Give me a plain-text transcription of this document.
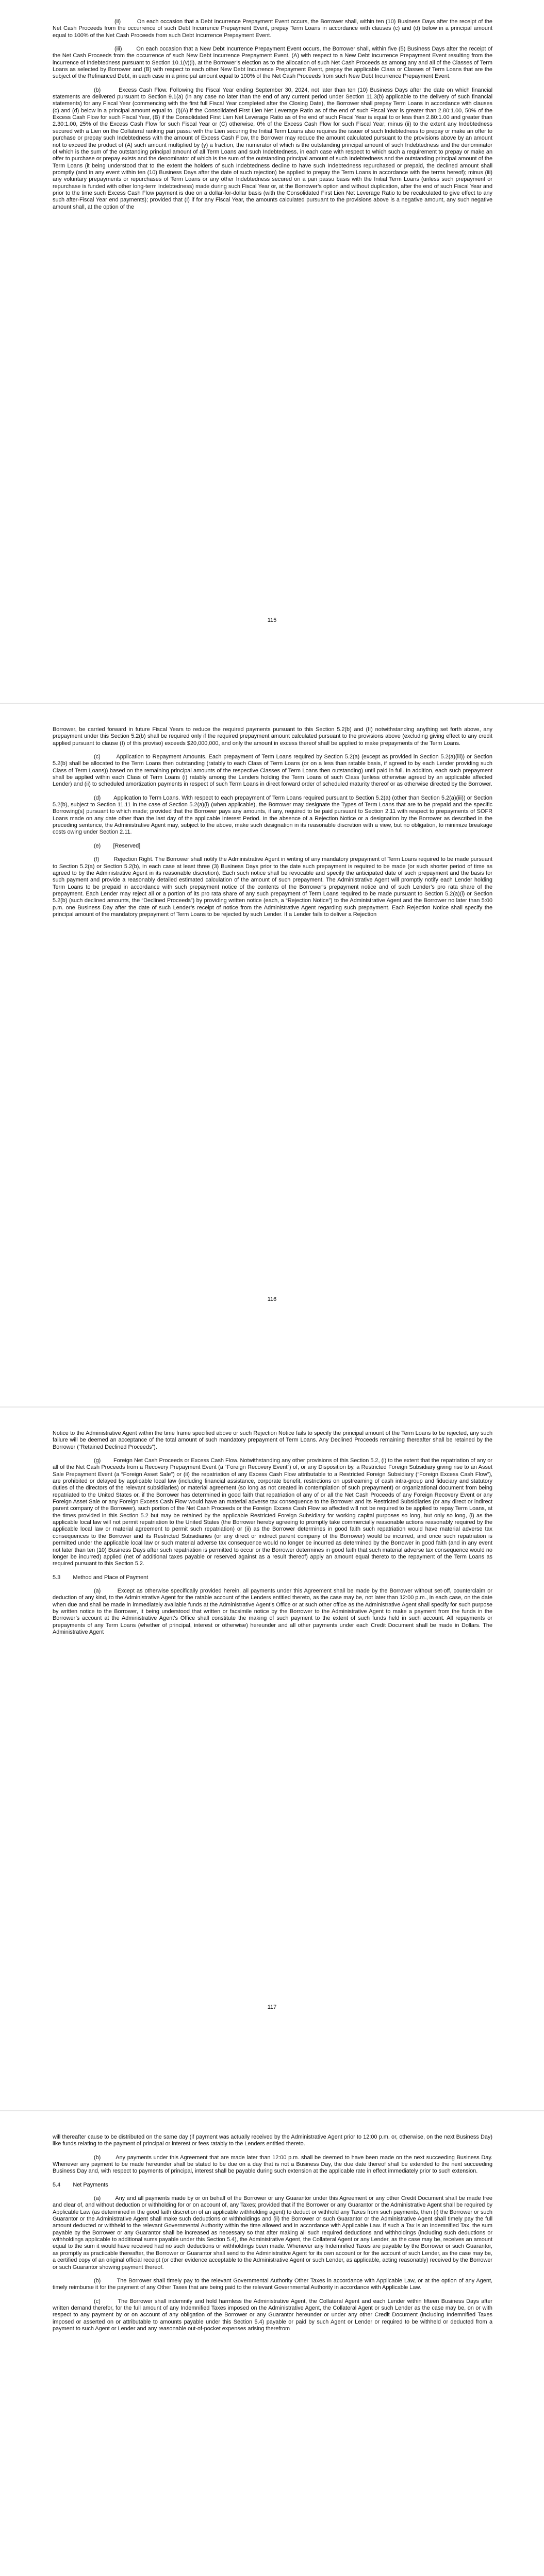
(ii)         On each occasion that a Debt Incurrence Prepayment Event occurs, the Borrower shall, within ten (10) Business Days after the receipt of the Net Cash Proceeds from the occurrence of such Debt Incurrence Prepayment Event, prepay Term Loans in accordance with clauses (c) and (d) below in a principal amount equal to 100% of the Net Cash Proceeds from such Debt Incurrence Prepayment Event.

(iii)        On each occasion that a New Debt Incurrence Prepayment Event occurs, the Borrower shall, within five (5) Business Days after the receipt of the Net Cash Proceeds from the occurrence of such New Debt Incurrence Prepayment Event, (A) with respect to a New Debt Incurrence Prepayment Event resulting from the incurrence of Indebtedness pursuant to Section 10.1(v)(i), at the Borrower’s election as to the allocation of such Net Cash Proceeds as among any and all of the Classes of Term Loans as selected by Borrower and (B) with respect to each other New Debt Incurrence Prepayment Event, prepay the applicable Class or Classes of Term Loans that are the subject of the Refinanced Debt, in each case in a principal amount equal to 100% of the Net Cash Proceeds from such New Debt Incurrence Prepayment Event.

(b)        Excess Cash Flow. Following the Fiscal Year ending September 30, 2024, not later than ten (10) Business Days after the date on which financial statements are delivered pursuant to Section 9.1(a) (in any case no later than the end of any current period under Section 11.3(b) applicable to the delivery of such financial statements) for any Fiscal Year (commencing with the first full Fiscal Year completed after the Closing Date), the Borrower shall prepay Term Loans in accordance with clauses (c) and (d) below in a principal amount equal to, (i)(A) if the Consolidated First Lien Net Leverage Ratio as of the end of such Fiscal Year is greater than 2.80:1.00, 50% of the Excess Cash Flow for such Fiscal Year, (B) if the Consolidated First Lien Net Leverage Ratio as of the end of such Fiscal Year is equal to or less than 2.80:1.00 and greater than 2.30:1.00, 25% of the Excess Cash Flow for such Fiscal Year or (C) otherwise, 0% of the Excess Cash Flow for such Fiscal Year; minus (ii) to the extent any Indebtedness secured with a Lien on the Collateral ranking pari passu with the Lien securing the Initial Term Loans also requires the issuer of such Indebtedness to prepay or make an offer to purchase or prepay such Indebtedness with the amount of Excess Cash Flow, the Borrower may reduce the amount calculated pursuant to the provisions above by an amount not to exceed the product of (A) such amount multiplied by (y) a fraction, the numerator of which is the outstanding principal amount of such Indebtedness and the denominator of which is the sum of the outstanding principal amount of all Term Loans and such Indebtedness, in each case with respect to which such a requirement to prepay or make an offer to purchase or prepay exists and the denominator of which is the sum of the outstanding principal amount of such Indebtedness and the outstanding principal amount of the Term Loans (it being understood that to the extent the holders of such Indebtedness decline to have such Indebtedness repurchased or prepaid, the declined amount shall promptly (and in any event within ten (10) Business Days after the date of such rejection) be applied to prepay the Term Loans in accordance with the terms hereof); minus (iii) any voluntary prepayments or repurchases of Term Loans or any other Indebtedness secured on a pari passu basis with the Initial Term Loans (unless such prepayment or repurchase is funded with other long-term Indebtedness) made during such Fiscal Year or, at the Borrower’s option and without duplication, after the end of such Fiscal Year and prior to the time such Excess Cash Flow payment is due on a dollar-for-dollar basis (with the Consolidated First Lien Net Leverage Ratio to be recalculated to give effect to any such after-Fiscal Year end payments); provided that (I) if for any Fiscal Year, the amounts calculated pursuant to the provisions above is a negative amount, any such negative amount shall, at the option of the

115

Borrower, be carried forward in future Fiscal Years to reduce the required payments pursuant to this Section 5.2(b) and (II) notwithstanding anything set forth above, any prepayment under this Section 5.2(b) shall be required only if the required prepayment amount calculated pursuant to the provisions above (excluding giving effect to any credit applied pursuant to clause (I) of this proviso) exceeds $20,000,000, and only the amount in excess thereof shall be applied to make prepayments of the Term Loans.

(c)        Application to Repayment Amounts. Each prepayment of Term Loans required by Section 5.2(a) (except as provided in Section 5.2(a)(iii)) or Section 5.2(b) shall be allocated to the Term Loans then outstanding (ratably to each Class of Term Loans (or on a less than ratable basis, if agreed to by each Lender providing such Class of Term Loans)) based on the remaining principal amounts of the respective Classes of Term Loans then outstanding) until paid in full. In addition, each such prepayment shall be applied within each Class of Term Loans (i) ratably among the Lenders holding the Term Loans of such Class (unless otherwise agreed by an applicable affected Lender) and (ii) to scheduled amortization payments in respect of such Term Loans in direct forward order of scheduled maturity thereof or as otherwise directed by the Borrower.

(d)        Application to Term Loans. With respect to each prepayment of Term Loans required pursuant to Section 5.2(a) (other than Section 5.2(a)(iii)) or Section 5.2(b), subject to Section 11.11 in the case of Section 5.2(a)(i) (when applicable), the Borrower may designate the Types of Term Loans that are to be prepaid and the specific Borrowing(s) pursuant to which made; provided that the Borrower pays any amounts, if any, required to be paid pursuant to Section 2.11 with respect to prepayments of SOFR Loans made on any date other than the last day of the applicable Interest Period. In the absence of a Rejection Notice or a designation by the Borrower as described in the preceding sentence, the Administrative Agent may, subject to the above, make such designation in its reasonable discretion with a view, but no obligation, to minimize breakage costs owing under Section 2.11.

(e)        [Reserved]

(f)         Rejection Right. The Borrower shall notify the Administrative Agent in writing of any mandatory prepayment of Term Loans required to be made pursuant to Section 5.2(a) or Section 5.2(b), in each case at least three (3) Business Days prior to the date such prepayment is required to be made (or such shorter period of time as agreed to by the Administrative Agent in its reasonable discretion). Each such notice shall be revocable and specify the anticipated date of such prepayment and the basis for such payment and provide a reasonably detailed estimated calculation of the amount of such prepayment. The Administrative Agent will promptly notify each Lender holding Term Loans to be prepaid in accordance with such prepayment notice of the contents of the Borrower’s prepayment notice and of such Lender’s pro rata share of the prepayment. Each Lender may reject all or a portion of its pro rata share of any such prepayment of Term Loans required to be made pursuant to Section 5.2(a)(i) or Section 5.2(b) (such declined amounts, the “Declined Proceeds”) by providing written notice (each, a “Rejection Notice”) to the Administrative Agent and the Borrower no later than 5:00 p.m. one Business Day after the date of such Lender’s receipt of notice from the Administrative Agent regarding such prepayment. Each Rejection Notice shall specify the principal amount of the mandatory prepayment of Term Loans to be rejected by such Lender. If a Lender fails to deliver a Rejection

116

Notice to the Administrative Agent within the time frame specified above or such Rejection Notice fails to specify the principal amount of the Term Loans to be rejected, any such failure will be deemed an acceptance of the total amount of such mandatory prepayment of Term Loans. Any Declined Proceeds remaining thereafter shall be retained by the Borrower (“Retained Declined Proceeds”).

(g)        Foreign Net Cash Proceeds or Excess Cash Flow. Notwithstanding any other provisions of this Section 5.2, (i) to the extent that the repatriation of any or all of the Net Cash Proceeds from a Recovery Prepayment Event (a “Foreign Recovery Event”) of, or any Disposition by, a Restricted Foreign Subsidiary giving rise to an Asset Sale Prepayment Event (a “Foreign Asset Sale”) or (ii) the repatriation of any Excess Cash Flow attributable to a Restricted Foreign Subsidiary (“Foreign Excess Cash Flow”), are prohibited or delayed by applicable local law (including financial assistance, corporate benefit, restrictions on upstreaming of cash intra-group and fiduciary and statutory duties of the directors of the relevant subsidiaries) or material agreement (so long as not created in contemplation of such prepayment) or organizational document from being repatriated to the United States or, if the Borrower has determined in good faith that repatriation of any of or all the Net Cash Proceeds of any Foreign Recovery Event or any Foreign Asset Sale or any Foreign Excess Cash Flow would have an material adverse tax consequence to the Borrower and its Restricted Subsidiaries (or any direct or indirect parent company of the Borrower), such portion of the Net Cash Proceeds or the Foreign Excess Cash Flow so affected will not be required to be applied to repay Term Loans, at the times provided in this Section 5.2 but may be retained by the applicable Restricted Foreign Subsidiary for working capital purposes so long, but only so long, (i) as the applicable local law will not permit repatriation to the United States (the Borrower hereby agreeing to promptly take commercially reasonable actions reasonably required by the applicable local law or material agreement to permit such repatriation) or (ii) as the Borrower determines in good faith such repatriation would have material adverse tax consequences to the Borrower and its Restricted Subsidiaries (or any direct or indirect parent company of the Borrower) would be incurred, and once such repatriation is permitted under the applicable local law or such material adverse tax consequence would no longer be incurred as determined by the Borrower in good faith (and in any event not later than ten (10) Business Days after such repatriation is permitted to occur or the Borrower determines in good faith that such material adverse tax consequence would no longer be incurred) applied (net of additional taxes payable or reserved against as a result thereof) apply an amount equal thereto to the repayment of the Term Loans as required pursuant to this Section 5.2.

5.3        Method and Place of Payment

(a)        Except as otherwise specifically provided herein, all payments under this Agreement shall be made by the Borrower without set-off, counterclaim or deduction of any kind, to the Administrative Agent for the ratable account of the Lenders entitled thereto, as the case may be, not later than 12:00 p.m., in each case, on the date when due and shall be made in immediately available funds at the Administrative Agent’s Office or at such other office as the Administrative Agent shall specify for such purpose by written notice to the Borrower, it being understood that written or facsimile notice by the Borrower to the Administrative Agent to make a payment from the funds in the Borrower’s account at the Administrative Agent’s Office shall constitute the making of such payment to the extent of such funds held in such account. All repayments or prepayments of any Term Loans (whether of principal, interest or otherwise) hereunder and all other payments under each Credit Document shall be made in Dollars. The Administrative Agent

117

will thereafter cause to be distributed on the same day (if payment was actually received by the Administrative Agent prior to 12:00 p.m. or, otherwise, on the next Business Day) like funds relating to the payment of principal or interest or fees ratably to the Lenders entitled thereto.

(b)        Any payments under this Agreement that are made later than 12:00 p.m. shall be deemed to have been made on the next succeeding Business Day. Whenever any payment to be made hereunder shall be stated to be due on a day that is not a Business Day, the due date thereof shall be extended to the next succeeding Business Day and, with respect to payments of principal, interest shall be payable during such extension at the applicable rate in effect immediately prior to such extension.

5.4        Net Payments

(a)        Any and all payments made by or on behalf of the Borrower or any Guarantor under this Agreement or any other Credit Document shall be made free and clear of, and without deduction or withholding for or on account of, any Taxes; provided that if the Borrower or any Guarantor or the Administrative Agent shall be required by Applicable Law (as determined in the good faith discretion of an applicable withholding agent) to deduct or withhold any Taxes from such payments, then (i) the Borrower or such Guarantor or the Administrative Agent shall make such deductions or withholdings and (ii) the Borrower or such Guarantor or the Administrative Agent shall timely pay the full amount deducted or withheld to the relevant Governmental Authority within the time allowed and in accordance with Applicable Law. If such a Tax is an Indemnified Tax, the sum payable by the Borrower or any Guarantor shall be increased as necessary so that after making all such required deductions and withholdings (including such deductions or withholdings applicable to additional sums payable under this Section 5.4), the Administrative Agent, the Collateral Agent or any Lender, as the case may be, receives an amount equal to the sum it would have received had no such deductions or withholdings been made. Whenever any Indemnified Taxes are payable by the Borrower or such Guarantor, as promptly as practicable thereafter, the Borrower or Guarantor shall send to the Administrative Agent for its own account or for the account of such Lender, as the case may be, a certified copy of an original official receipt (or other evidence acceptable to the Administrative Agent or such Lender, as applicable, acting reasonably) received by the Borrower or such Guarantor showing payment thereof.

(b)        The Borrower shall timely pay to the relevant Governmental Authority Other Taxes in accordance with Applicable Law, or at the option of any Agent, timely reimburse it for the payment of any Other Taxes that are being paid to the relevant Governmental Authority in accordance with Applicable Law.

(c)        The Borrower shall indemnify and hold harmless the Administrative Agent, the Collateral Agent and each Lender within fifteen Business Days after written demand therefor, for the full amount of any Indemnified Taxes imposed on the Administrative Agent, the Collateral Agent or such Lender as the case may be, on or with respect to any payment by or on account of any obligation of the Borrower or any Guarantor hereunder or under any other Credit Document (including Indemnified Taxes imposed or asserted on or attributable to amounts payable under this Section 5.4) payable or paid by such Agent or Lender or required to be withheld or deducted from a payment to such Agent or Lender and any reasonable out-of-pocket expenses arising therefrom
